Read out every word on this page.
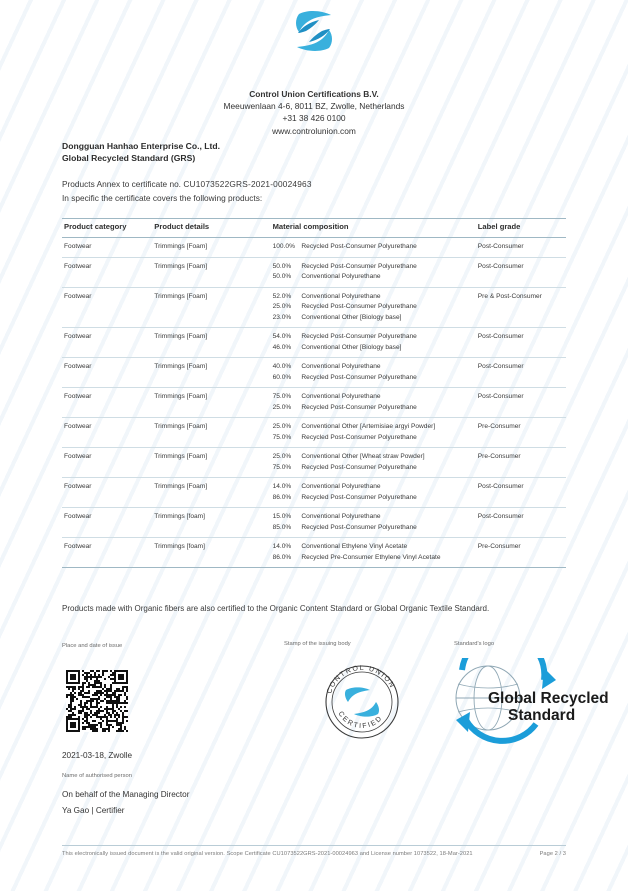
Control Union Certifications B.V.
Meeuwenlaan 4-6, 8011 BZ, Zwolle, Netherlands
+31 38 426 0100
www.controlunion.com
Dongguan Hanhao Enterprise Co., Ltd.
Global Recycled Standard (GRS)
Products Annex to certificate no. CU1073522GRS-2021-00024963
In specific the certificate covers the following products:
Product category	Product details	Material composition	Label grade
Footwear	Trimmings [Foam]	100.0% Recycled Post-Consumer Polyurethane	Post-Consumer
Footwear	Trimmings [Foam]	50.0% Recycled Post-Consumer Polyurethane
50.0% Conventional Polyurethane	Post-Consumer
Footwear	Trimmings [Foam]	52.0% Conventional Polyurethane
25.0% Recycled Post-Consumer Polyurethane
23.0% Conventional Other [Biology base]	Pre & Post-Consumer
Footwear	Trimmings [Foam]	54.0% Recycled Post-Consumer Polyurethane
46.0% Conventional Other [Biology base]	Post-Consumer
Footwear	Trimmings [Foam]	40.0% Conventional Polyurethane
60.0% Recycled Post-Consumer Polyurethane	Post-Consumer
Footwear	Trimmings [Foam]	75.0% Conventional Polyurethane
25.0% Recycled Post-Consumer Polyurethane	Post-Consumer
Footwear	Trimmings [Foam]	25.0% Conventional Other [Artemisiae argyi Powder]
75.0% Recycled Post-Consumer Polyurethane	Pre-Consumer
Footwear	Trimmings [Foam]	25.0% Conventional Other [Wheat straw Powder]
75.0% Recycled Post-Consumer Polyurethane	Pre-Consumer
Footwear	Trimmings [Foam]	14.0% Conventional Polyurethane
86.0% Recycled Post-Consumer Polyurethane	Post-Consumer
Footwear	Trimmings [foam]	15.0% Conventional Polyurethane
85.0% Recycled Post-Consumer Polyurethane	Post-Consumer
Footwear	Trimmings [foam]	14.0% Conventional Ethylene Vinyl Acetate
86.0% Recycled Pre-Consumer Ethylene Vinyl Acetate	Pre-Consumer
Products made with Organic fibers are also certified to the Organic Content Standard or Global Organic Textile Standard.
Place and date of issue	Stamp of the issuing body	Standard's logo
2021-03-18, Zwolle
Name of authorised person
On behalf of the Managing Director
Ya Gao | Certifier
CONTROL UNION
CERTIFIED
Global Recycled
Standard
Page 2 / 3
This electronically issued document is the valid original version. Scope Certificate CU1073522GRS-2021-00024963 and License number 1073522, 18-Mar-2021
